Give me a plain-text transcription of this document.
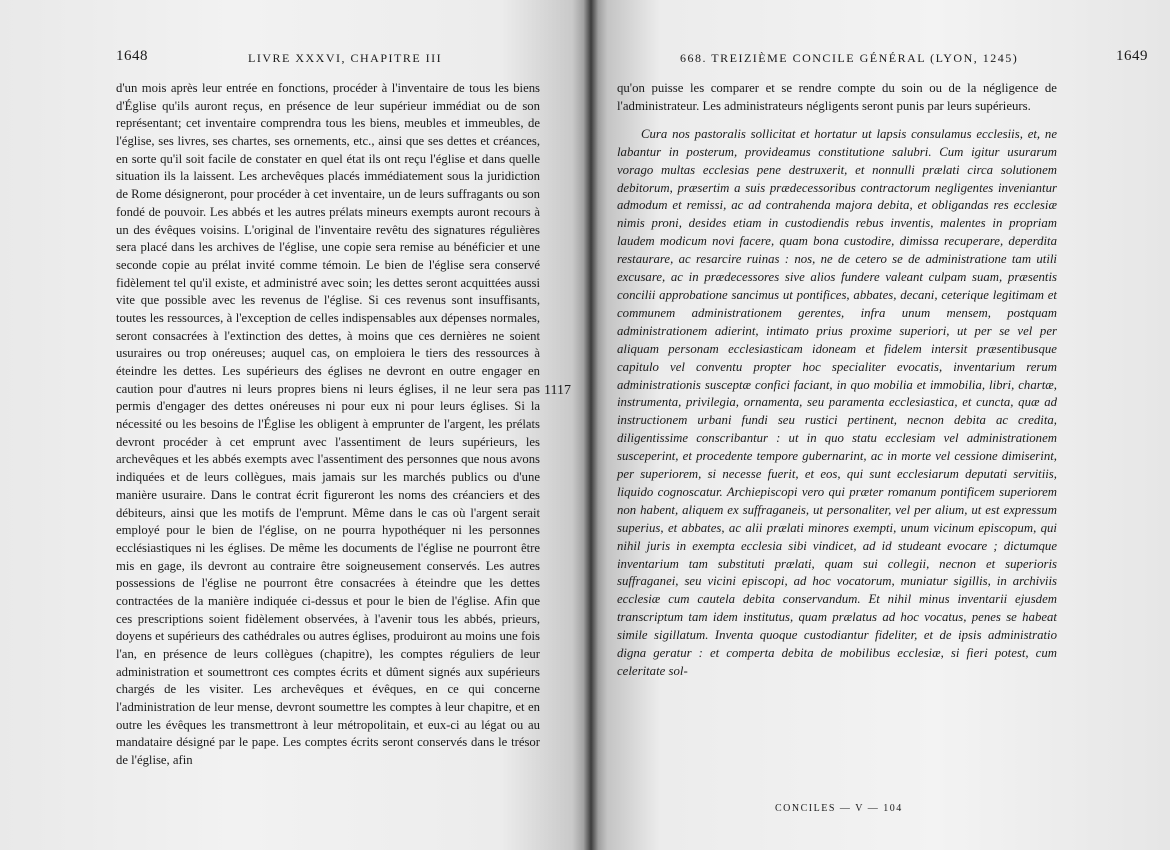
1648	LIVRE XXXVI, CHAPITRE III

d'un mois après leur entrée en fonctions, procéder à l'inventaire de tous les biens d'Église qu'ils auront reçus, en présence de leur supérieur immédiat ou de son représentant; cet inventaire comprendra tous les biens, meubles et immeubles, de l'église, ses livres, ses chartes, ses ornements, etc., ainsi que ses dettes et créances, en sorte qu'il soit facile de constater en quel état ils ont reçu l'église et dans quelle situation ils la laissent. Les archevêques placés immédiatement sous la juridiction de Rome désigneront, pour procéder à cet inventaire, un de leurs suffragants ou son fondé de pouvoir. Les abbés et les autres prélats mineurs exempts auront recours à un des évêques voisins. L'original de l'inventaire revêtu des signatures régulières sera placé dans les archives de l'église, une copie sera remise au bénéficier et une seconde copie au prélat invité comme témoin. Le bien de l'église sera conservé fidèlement tel qu'il existe, et administré avec soin; les dettes seront acquittées aussi vite que possible avec les revenus de l'église. Si ces revenus sont insuffisants, toutes les ressources, à l'exception de celles indispensables aux dépenses normales, seront consacrées à l'extinction des dettes, à moins que ces dernières ne soient usuraires ou trop onéreuses; auquel cas, on emploiera le tiers des ressources à éteindre les dettes. Les supérieurs des églises ne devront en outre engager en caution pour d'autres ni leurs propres biens ni leurs églises, il ne leur sera pas permis d'engager des dettes onéreuses ni pour eux ni pour leurs églises. Si la nécessité ou les besoins de l'Église les obligent à emprunter de l'argent, les prélats devront procéder à cet emprunt avec l'assentiment de leurs supérieurs, les archevêques et les abbés exempts avec l'assentiment des personnes que nous avons indiquées et de leurs collègues, mais jamais sur les marchés publics ou d'une manière usuraire. Dans le contrat écrit figureront les noms des créanciers et des débiteurs, ainsi que les motifs de l'emprunt. Même dans le cas où l'argent serait employé pour le bien de l'église, on ne pourra hypothéquer ni les personnes ecclésiastiques ni les églises. De même les documents de l'église ne pourront être mis en gage, ils devront au contraire être soigneusement conservés. Les autres possessions de l'église ne pourront être consacrées à éteindre que les dettes contractées de la manière indiquée ci-dessus et pour le bien de l'église. Afin que ces prescriptions soient fidèlement observées, à l'avenir tous les abbés, prieurs, doyens et supérieurs des cathédrales ou autres églises, produiront au moins une fois l'an, en présence de leurs collègues (chapitre), les comptes réguliers de leur administration et soumettront ces comptes écrits et dûment signés aux supérieurs chargés de les visiter. Les archevêques et évêques, en ce qui concerne l'administration de leur mense, devront soumettre les comptes à leur chapitre, et en outre les évêques les transmettront à leur métropolitain, et eux-ci au légat ou au mandataire désigné par le pape. Les comptes écrits seront conservés dans le trésor de l'église, afin

1117
668. TREIZIÈME CONCILE GÉNÉRAL (LYON, 1245)	1649

qu'on puisse les comparer et se rendre compte du soin ou de la négligence de l'administrateur. Les administrateurs négligents seront punis par leurs supérieurs.

Cura nos pastoralis sollicitat et hortatur ut lapsis consulamus ecclesiis, et, ne labantur in posterum, provideamus constitutione salubri. Cum igitur usurarum vorago multas ecclesias pene destruxerit, et nonnulli prælati circa solutionem debitorum, præsertim a suis prædecessoribus contractorum negligentes inveniantur admodum et remissi, ac ad contrahenda majora debita, et obligandas res ecclesiæ nimis proni, desides etiam in custodiendis rebus inventis, malentes in propriam laudem modicum novi facere, quam bona custodire, dimissa recuperare, deperdita restaurare, ac resarcire ruinas : nos, ne de cetero se de administratione tam utili excusare, ac in prædecessores sive alios fundere valeant culpam suam, præsentis concilii approbatione sancimus ut pontifices, abbates, decani, ceterique legitimam et communem administrationem gerentes, infra unum mensem, postquam administrationem adierint, intimato prius proxime superiori, ut per se vel per aliquam personam ecclesiasticam idoneam et fidelem intersit præsentibusque capitulo vel conventu propter hoc specialiter evocatis, inventarium rerum administrationis susceptæ confici faciant, in quo mobilia et immobilia, libri, chartæ, instrumenta, privilegia, ornamenta, seu paramenta ecclesiastica, et cuncta, quæ ad instructionem urbani fundi seu rustici pertinent, necnon debita ac credita, diligentissime conscribantur : ut in quo statu ecclesiam vel administrationem susceperint, et procedente tempore gubernarint, ac in morte vel cessione dimiserint, per superiorem, si necesse fuerit, et eos, qui sunt ecclesiarum deputati servitiis, liquido cognoscatur. Archiepiscopi vero qui præter romanum pontificem superiorem non habent, aliquem ex suffraganeis, ut personaliter, vel per alium, ut est expressum superius, et abbates, ac alii prælati minores exempti, unum vicinum episcopum, qui nihil juris in exempta ecclesia sibi vindicet, ad id studeant evocare ; dictumque inventarium tam substituti prælati, quam sui collegii, necnon et superioris suffraganei, seu vicini episcopi, ad hoc vocatorum, muniatur sigillis, in archiviis ecclesiæ cum cautela debita conservandum. Et nihil minus inventarii ejusdem transcriptum tam idem institutus, quam prælatus ad hoc vocatus, penes se habeat simile sigillatum. Inventa quoque custodiantur fideliter, et de ipsis administratio digna geratur : et comperta debita de mobilibus ecclesiæ, si fieri potest, cum celeritate sol-

CONCILES — V — 104
